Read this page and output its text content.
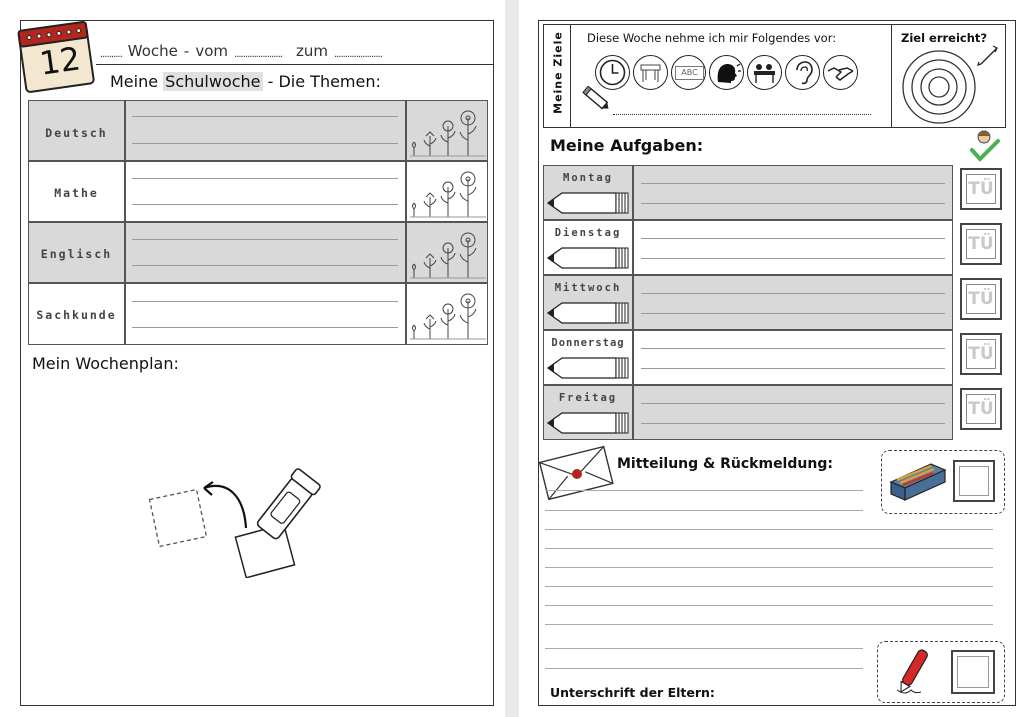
12	.......... Woche - vom ...................... zum ......................
Meine Schulwoche - Die Themen:
Deutsch
Mathe
Englisch
Sachkunde
Mein Wochenplan:
Meine Ziele Diese Woche nehme ich mir Folgendes vor:
ABC
Ziel erreicht?
Meine Aufgaben:
Montag
Dienstag
Mittwoch
Donnerstag
Freitag
TÜ
TÜ
TÜ
TÜ
TÜ
Mitteilung & Rückmeldung:
Unterschrift der Eltern:
